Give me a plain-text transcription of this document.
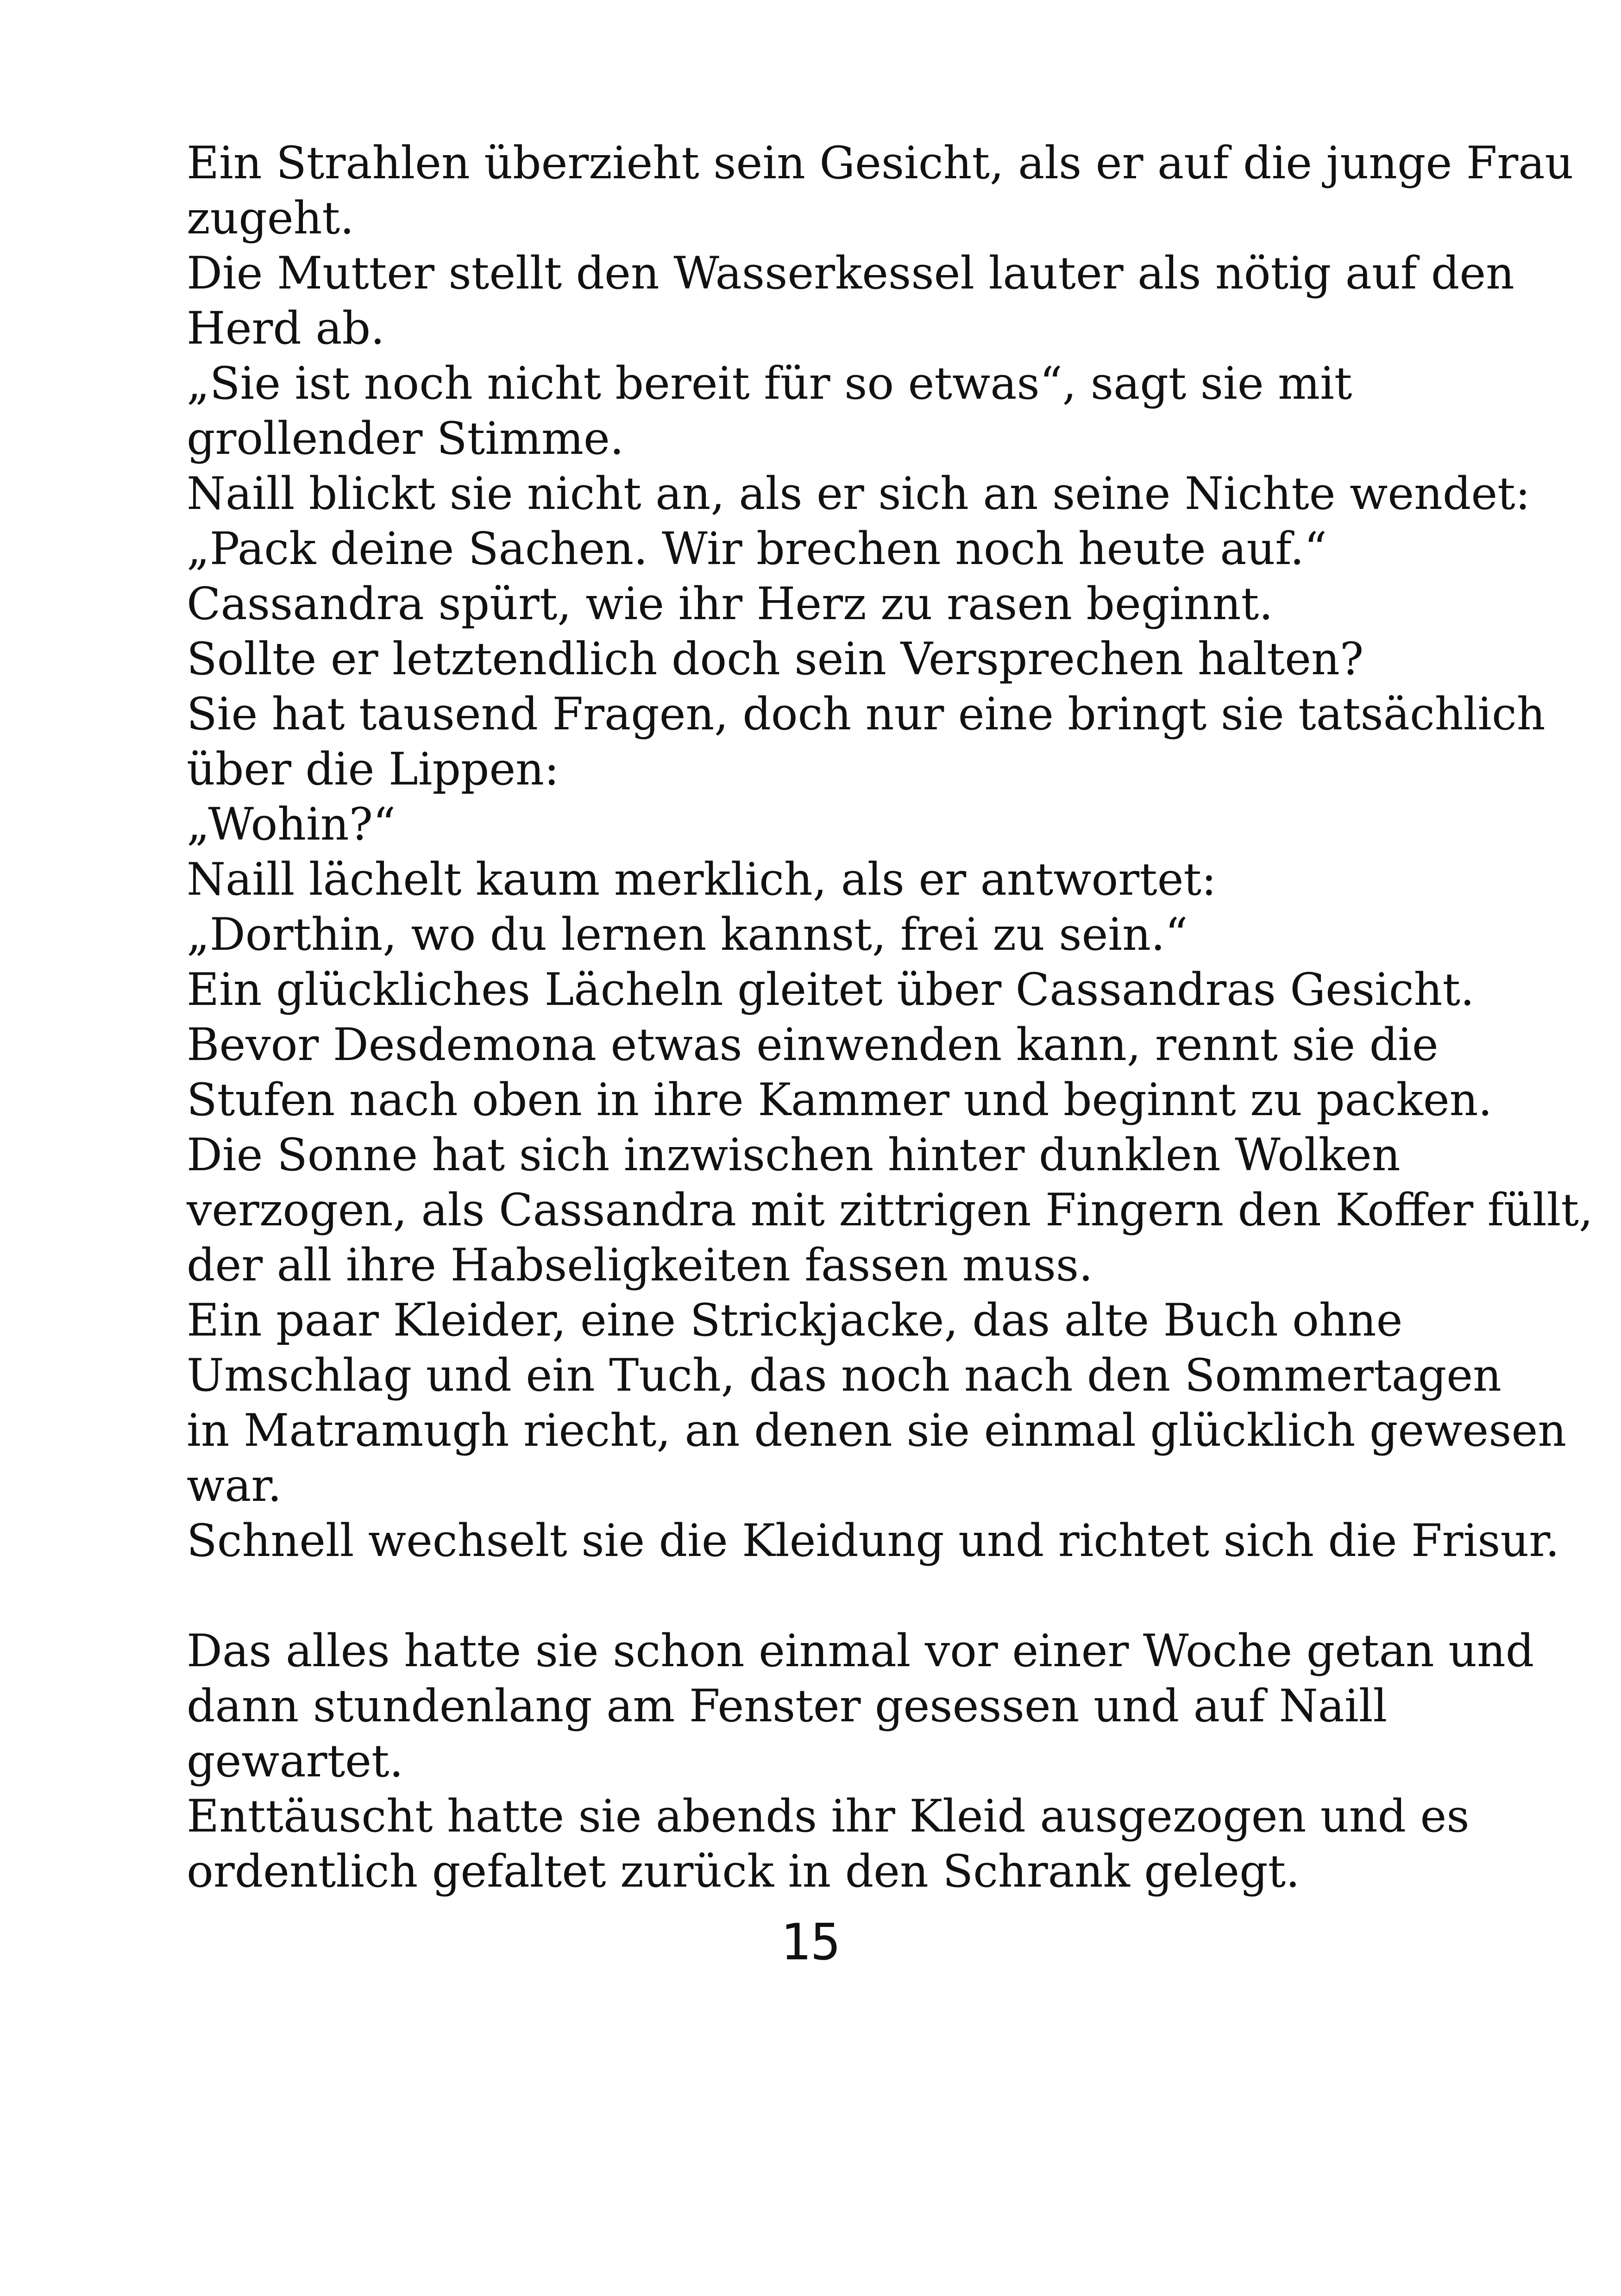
Ein Strahlen überzieht sein Gesicht, als er auf die junge Frau
zugeht.
Die Mutter stellt den Wasserkessel lauter als nötig auf den
Herd ab.
„Sie ist noch nicht bereit für so etwas“, sagt sie mit
grollender Stimme.
Naill blickt sie nicht an, als er sich an seine Nichte wendet:
„Pack deine Sachen. Wir brechen noch heute auf.“
Cassandra spürt, wie ihr Herz zu rasen beginnt.
Sollte er letztendlich doch sein Versprechen halten?
Sie hat tausend Fragen, doch nur eine bringt sie tatsächlich
über die Lippen:
„Wohin?“
Naill lächelt kaum merklich, als er antwortet:
„Dorthin, wo du lernen kannst, frei zu sein.“
Ein glückliches Lächeln gleitet über Cassandras Gesicht.
Bevor Desdemona etwas einwenden kann, rennt sie die
Stufen nach oben in ihre Kammer und beginnt zu packen.
Die Sonne hat sich inzwischen hinter dunklen Wolken
verzogen, als Cassandra mit zittrigen Fingern den Koffer füllt,
der all ihre Habseligkeiten fassen muss.
Ein paar Kleider, eine Strickjacke, das alte Buch ohne
Umschlag und ein Tuch, das noch nach den Sommertagen
in Matramugh riecht, an denen sie einmal glücklich gewesen
war.
Schnell wechselt sie die Kleidung und richtet sich die Frisur.
Das alles hatte sie schon einmal vor einer Woche getan und
dann stundenlang am Fenster gesessen und auf Naill
gewartet.
Enttäuscht hatte sie abends ihr Kleid ausgezogen und es
ordentlich gefaltet zurück in den Schrank gelegt.
15
